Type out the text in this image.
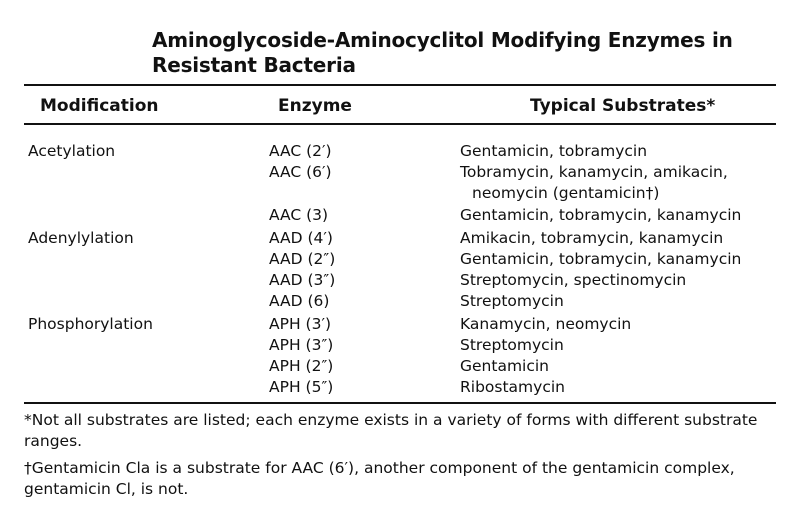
Aminoglycoside-Aminocyclitol Modifying Enzymes in Resistant Bacteria
Modification	Enzyme	Typical Substrates*
Acetylation	AAC (2′)	Gentamicin, tobramycin
AAC (6′)	Tobramycin, kanamycin, amikacin,
neomycin (gentamicin†)
AAC (3)	Gentamicin, tobramycin, kanamycin
Adenylylation	AAD (4′)	Amikacin, tobramycin, kanamycin
AAD (2″)	Gentamicin, tobramycin, kanamycin
AAD (3″)	Streptomycin, spectinomycin
AAD (6)	Streptomycin
Phosphorylation	APH (3′)	Kanamycin, neomycin
APH (3″)	Streptomycin
APH (2″)	Gentamicin
APH (5″)	Ribostamycin
*Not all substrates are listed; each enzyme exists in a variety of forms with different substrate ranges.
†Gentamicin Cla is a substrate for AAC (6′), another component of the gentamicin complex, gentamicin Cl, is not.
